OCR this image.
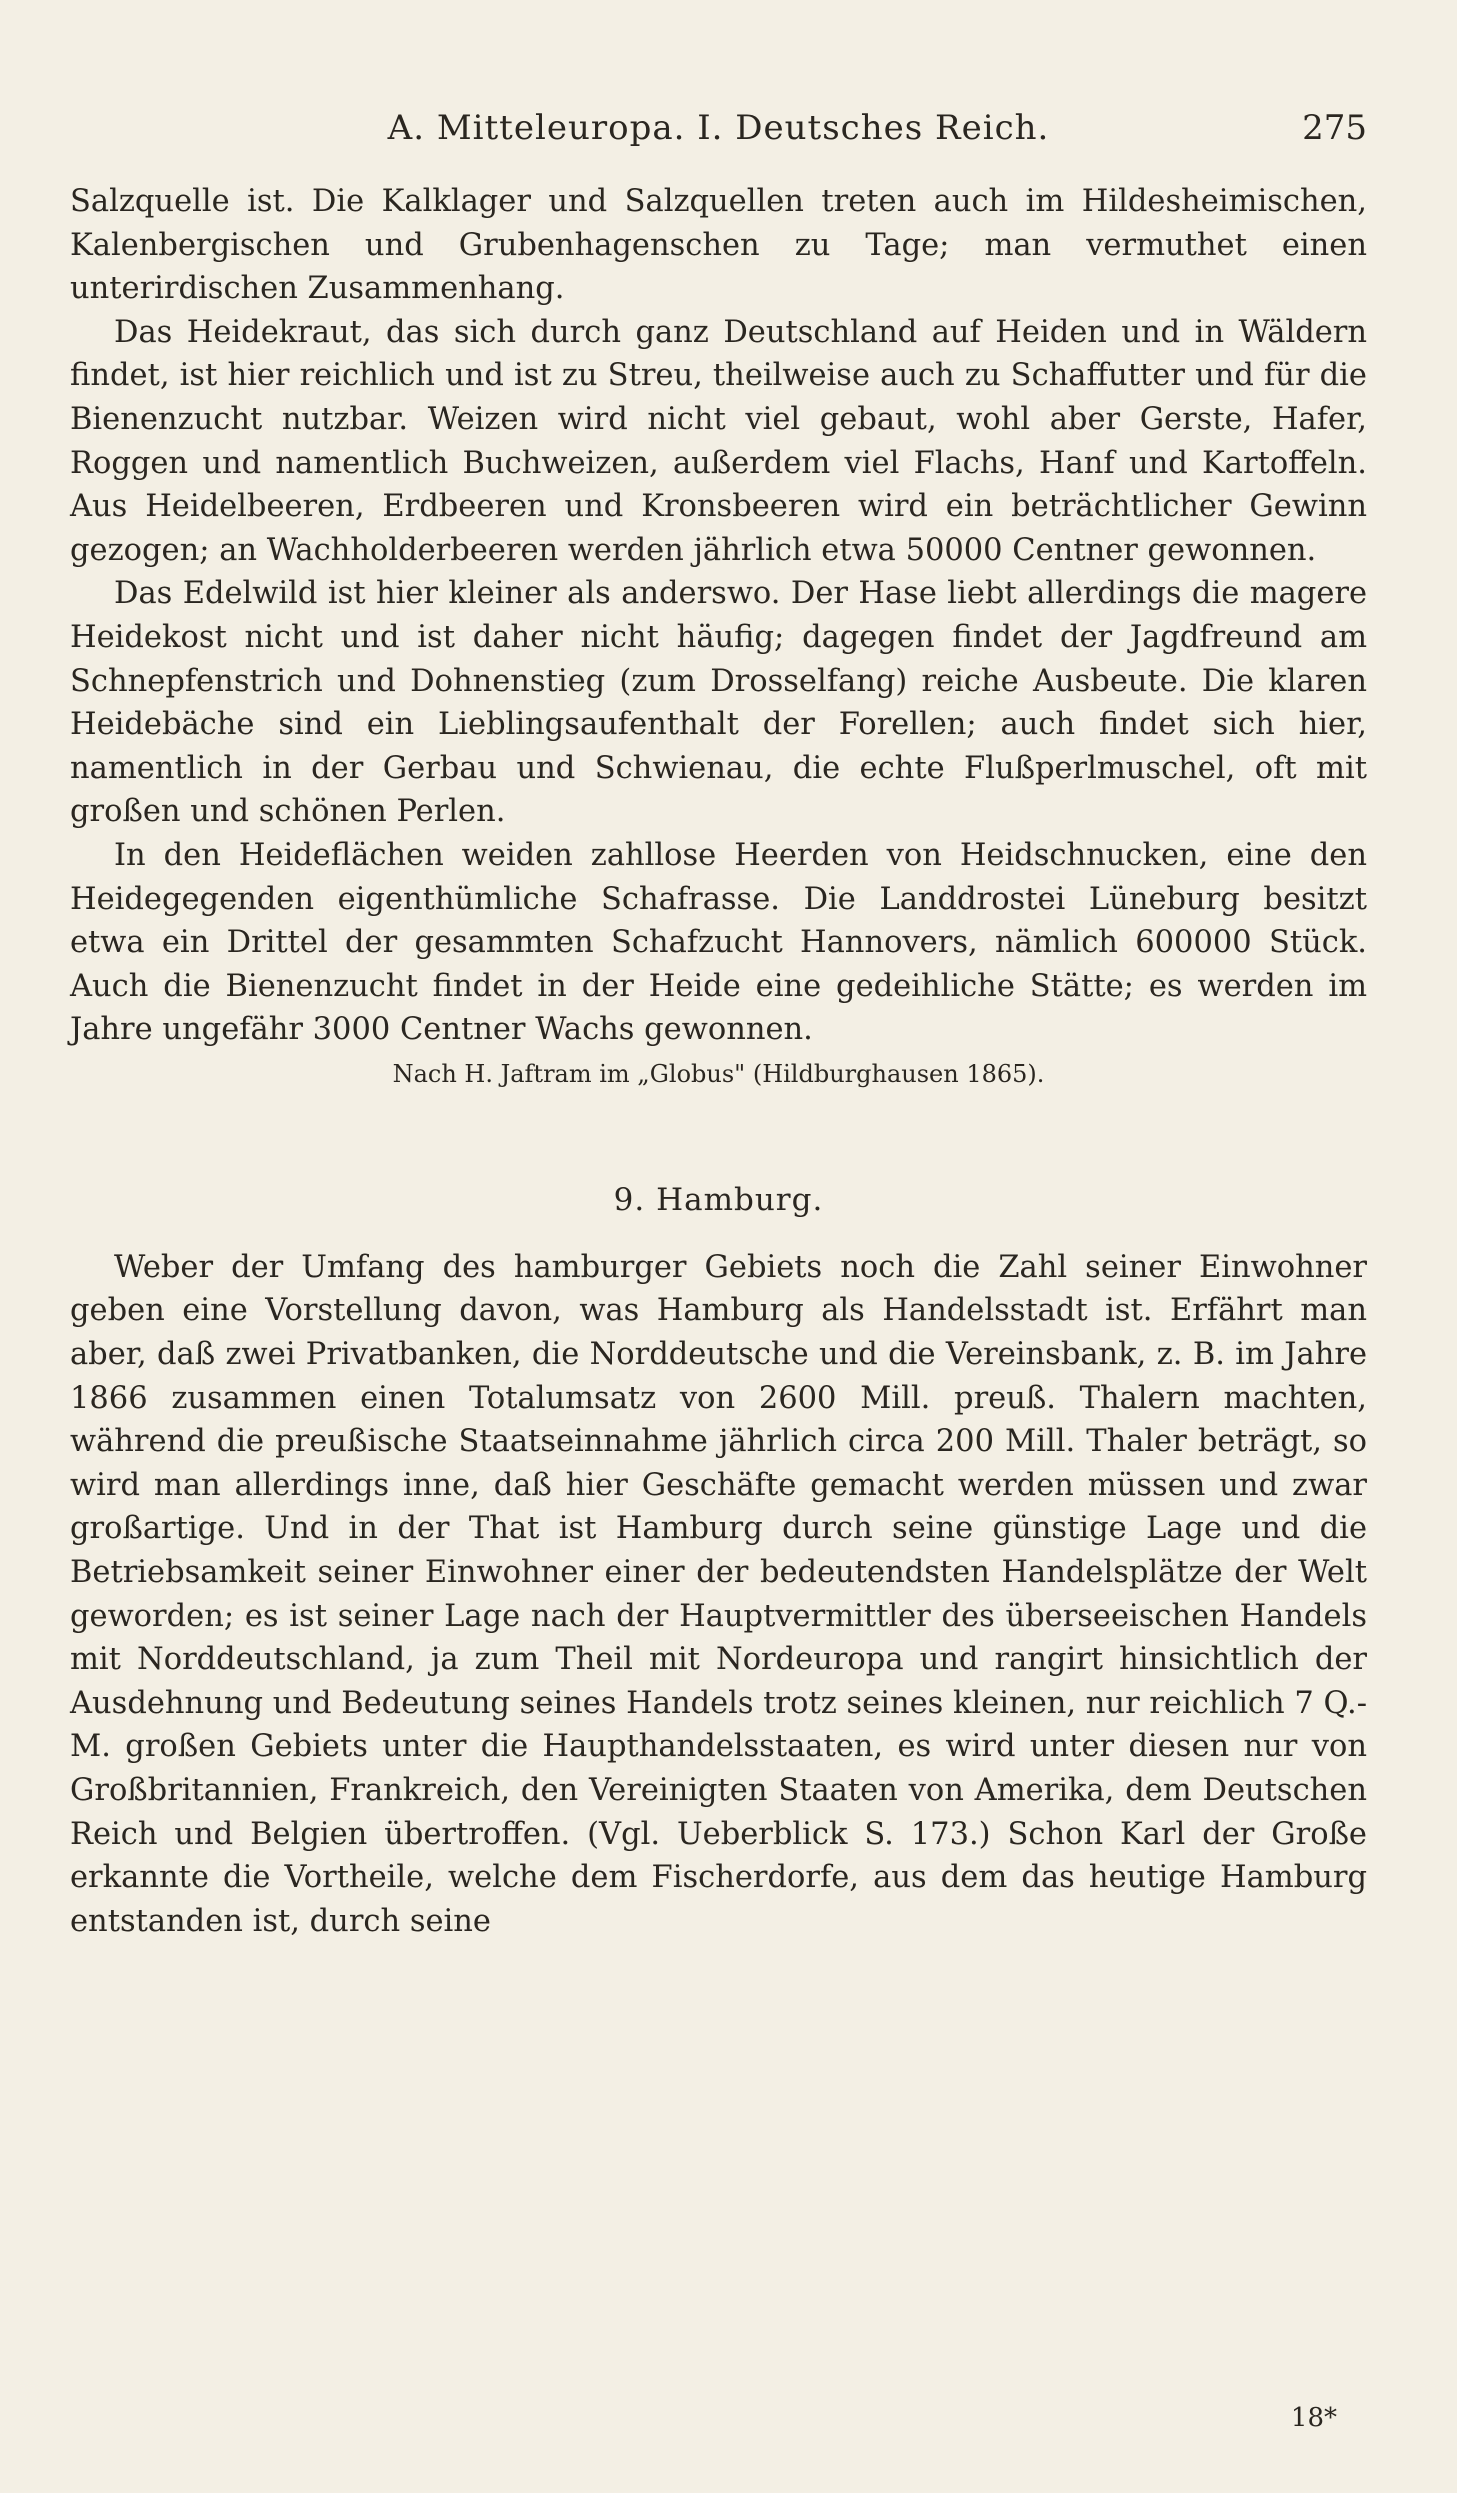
A. Mitteleuropa. I. Deutsches Reich.	275

Salzquelle ist. Die Kalklager und Salzquellen treten auch im Hildesheimischen, Kalenbergischen und Grubenhagenschen zu Tage; man vermuthet einen unterirdischen Zusammenhang.

Das Heidekraut, das sich durch ganz Deutschland auf Heiden und in Wäldern findet, ist hier reichlich und ist zu Streu, theilweise auch zu Schaffutter und für die Bienenzucht nutzbar. Weizen wird nicht viel gebaut, wohl aber Gerste, Hafer, Roggen und namentlich Buchweizen, außerdem viel Flachs, Hanf und Kartoffeln. Aus Heidelbeeren, Erdbeeren und Kronsbeeren wird ein beträchtlicher Gewinn gezogen; an Wachholderbeeren werden jährlich etwa 50000 Centner gewonnen.

Das Edelwild ist hier kleiner als anderswo. Der Hase liebt allerdings die magere Heidekost nicht und ist daher nicht häufig; dagegen findet der Jagdfreund am Schnepfenstrich und Dohnenstieg (zum Drosselfang) reiche Ausbeute. Die klaren Heidebäche sind ein Lieblingsaufenthalt der Forellen; auch findet sich hier, namentlich in der Gerbau und Schwienau, die echte Flußperlmuschel, oft mit großen und schönen Perlen.

In den Heideflächen weiden zahllose Heerden von Heidschnucken, eine den Heidegegenden eigenthümliche Schafrasse. Die Landdrostei Lüneburg besitzt etwa ein Drittel der gesammten Schafzucht Hannovers, nämlich 600000 Stück. Auch die Bienenzucht findet in der Heide eine gedeihliche Stätte; es werden im Jahre ungefähr 3000 Centner Wachs gewonnen.

Nach H. Jaftram im „Globus" (Hildburghausen 1865).

9. Hamburg.

Weber der Umfang des hamburger Gebiets noch die Zahl seiner Einwohner geben eine Vorstellung davon, was Hamburg als Handelsstadt ist. Erfährt man aber, daß zwei Privatbanken, die Norddeutsche und die Vereinsbank, z. B. im Jahre 1866 zusammen einen Totalumsatz von 2600 Mill. preuß. Thalern machten, während die preußische Staatseinnahme jährlich circa 200 Mill. Thaler beträgt, so wird man allerdings inne, daß hier Geschäfte gemacht werden müssen und zwar großartige. Und in der That ist Hamburg durch seine günstige Lage und die Betriebsamkeit seiner Einwohner einer der bedeutendsten Handelsplätze der Welt geworden; es ist seiner Lage nach der Hauptvermittler des überseeischen Handels mit Norddeutschland, ja zum Theil mit Nordeuropa und rangirt hinsichtlich der Ausdehnung und Bedeutung seines Handels trotz seines kleinen, nur reichlich 7 Q.-M. großen Gebiets unter die Haupthandelsstaaten, es wird unter diesen nur von Großbritannien, Frankreich, den Vereinigten Staaten von Amerika, dem Deutschen Reich und Belgien übertroffen. (Vgl. Ueberblick S. 173.) Schon Karl der Große erkannte die Vortheile, welche dem Fischerdorfe, aus dem das heutige Hamburg entstanden ist, durch seine

18*
